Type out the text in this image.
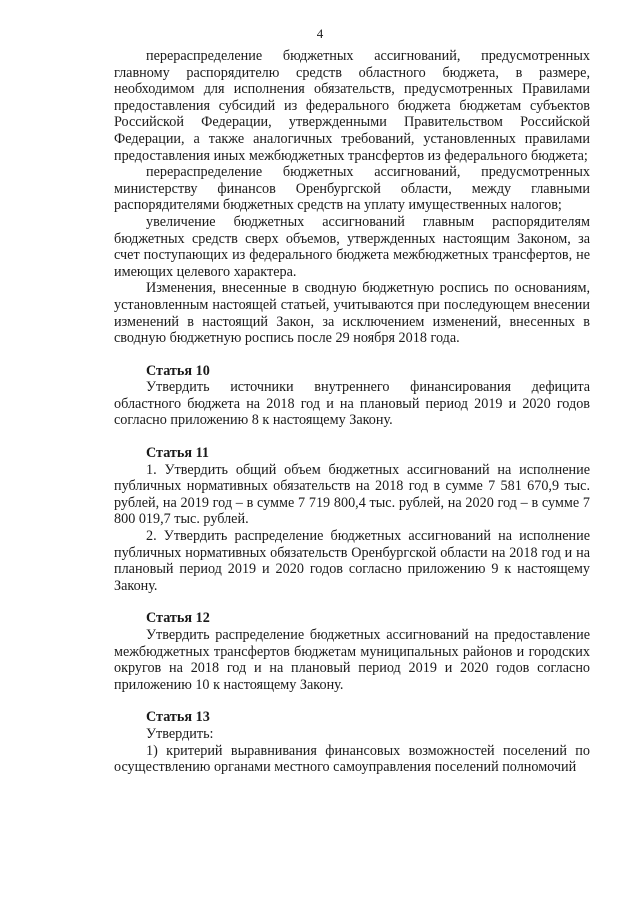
4

перераспределение бюджетных ассигнований, предусмотренных главному распорядителю средств областного бюджета, в размере, необходимом для исполнения обязательств, предусмотренных Правилами предоставления субсидий из федерального бюджета бюджетам субъектов Российской Федерации, утвержденными Правительством Российской Федерации, а также аналогичных требований, установленных правилами предоставления иных межбюджетных трансфертов из федерального бюджета;

перераспределение бюджетных ассигнований, предусмотренных министерству финансов Оренбургской области, между главными распорядителями бюджетных средств на уплату имущественных налогов;

увеличение бюджетных ассигнований главным распорядителям бюджетных средств сверх объемов, утвержденных настоящим Законом, за счет поступающих из федерального бюджета межбюджетных трансфертов, не имеющих целевого характера.

Изменения, внесенные в сводную бюджетную роспись по основаниям, установленным настоящей статьей, учитываются при последующем внесении изменений в настоящий Закон, за исключением изменений, внесенных в сводную бюджетную роспись после 29 ноября 2018 года.

Статья 10

Утвердить источники внутреннего финансирования дефицита областного бюджета на 2018 год и на плановый период 2019 и 2020 годов согласно приложению 8 к настоящему Закону.

Статья 11

1. Утвердить общий объем бюджетных ассигнований на исполнение публичных нормативных обязательств на 2018 год в сумме 7 581 670,9 тыс. рублей, на 2019 год – в сумме 7 719 800,4 тыс. рублей, на 2020 год – в сумме 7 800 019,7 тыс. рублей.

2. Утвердить распределение бюджетных ассигнований на исполнение публичных нормативных обязательств Оренбургской области на 2018 год и на плановый период 2019 и 2020 годов согласно приложению 9 к настоящему Закону.

Статья 12

Утвердить распределение бюджетных ассигнований на предоставление межбюджетных трансфертов бюджетам муниципальных районов и городских округов на 2018 год и на плановый период 2019 и 2020 годов согласно приложению 10 к настоящему Закону.

Статья 13

Утвердить:

1) критерий выравнивания финансовых возможностей поселений по осуществлению органами местного самоуправления поселений полномочий
